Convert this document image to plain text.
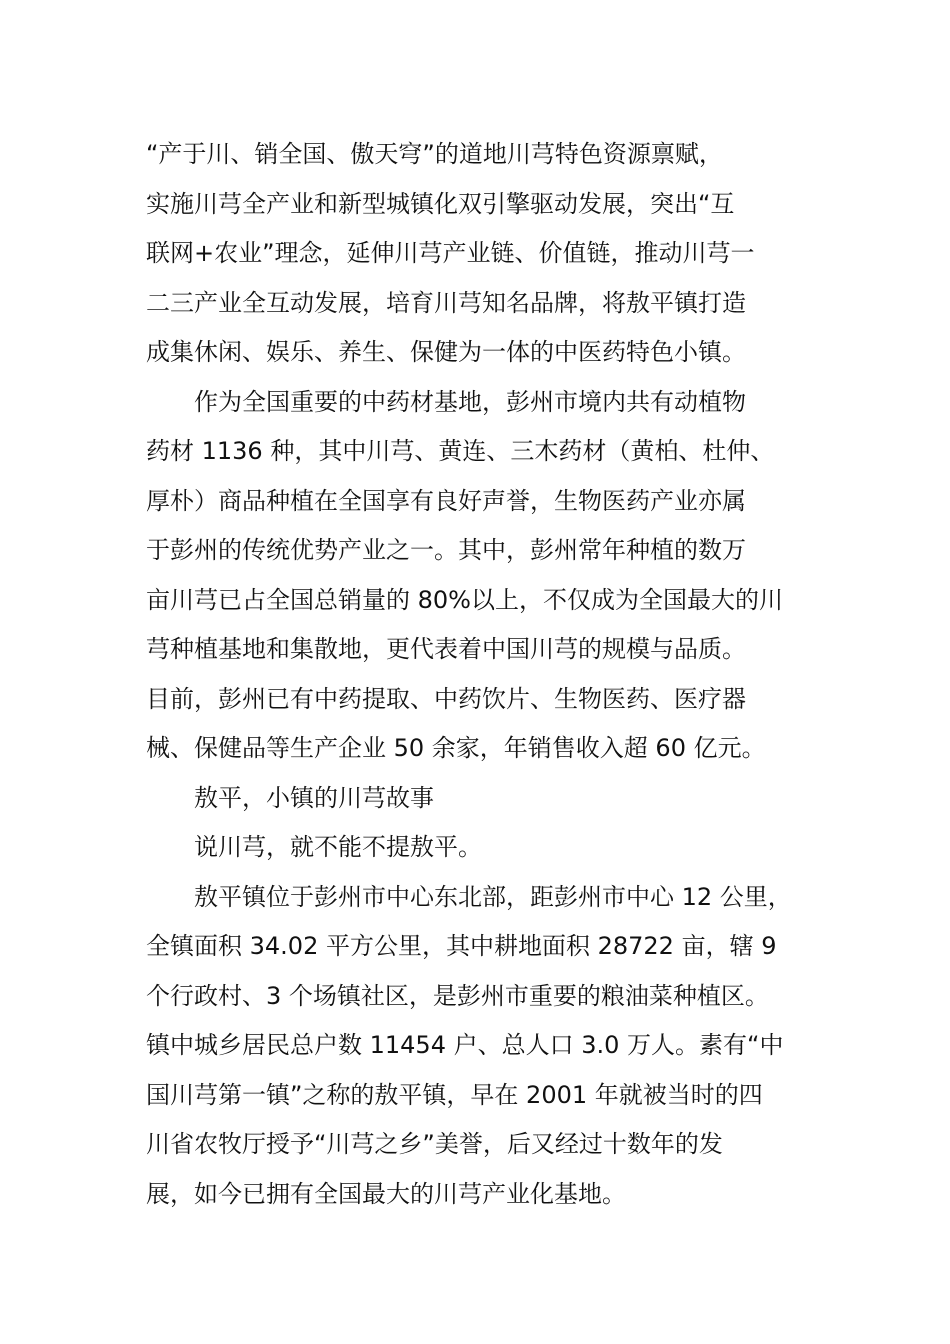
“产于川、销全国、傲天穹”的道地川芎特色资源禀赋，
实施川芎全产业和新型城镇化双引擎驱动发展，突出“互
联网+农业”理念，延伸川芎产业链、价值链，推动川芎一
二三产业全互动发展，培育川芎知名品牌，将敖平镇打造
成集休闲、娱乐、养生、保健为一体的中医药特色小镇。
作为全国重要的中药材基地，彭州市境内共有动植物
药材 1136 种，其中川芎、黄连、三木药材（黄柏、杜仲、
厚朴）商品种植在全国享有良好声誉，生物医药产业亦属
于彭州的传统优势产业之一。其中，彭州常年种植的数万
亩川芎已占全国总销量的 80%以上，不仅成为全国最大的川
芎种植基地和集散地，更代表着中国川芎的规模与品质。
目前，彭州已有中药提取、中药饮片、生物医药、医疗器
械、保健品等生产企业 50 余家，年销售收入超 60 亿元。
敖平，小镇的川芎故事
说川芎，就不能不提敖平。
敖平镇位于彭州市中心东北部，距彭州市中心 12 公里，
全镇面积 34.02 平方公里，其中耕地面积 28722 亩，辖 9
个行政村、3 个场镇社区，是彭州市重要的粮油菜种植区。
镇中城乡居民总户数 11454 户、总人口 3.0 万人。素有“中
国川芎第一镇”之称的敖平镇，早在 2001 年就被当时的四
川省农牧厅授予“川芎之乡”美誉，后又经过十数年的发
展，如今已拥有全国最大的川芎产业化基地。
